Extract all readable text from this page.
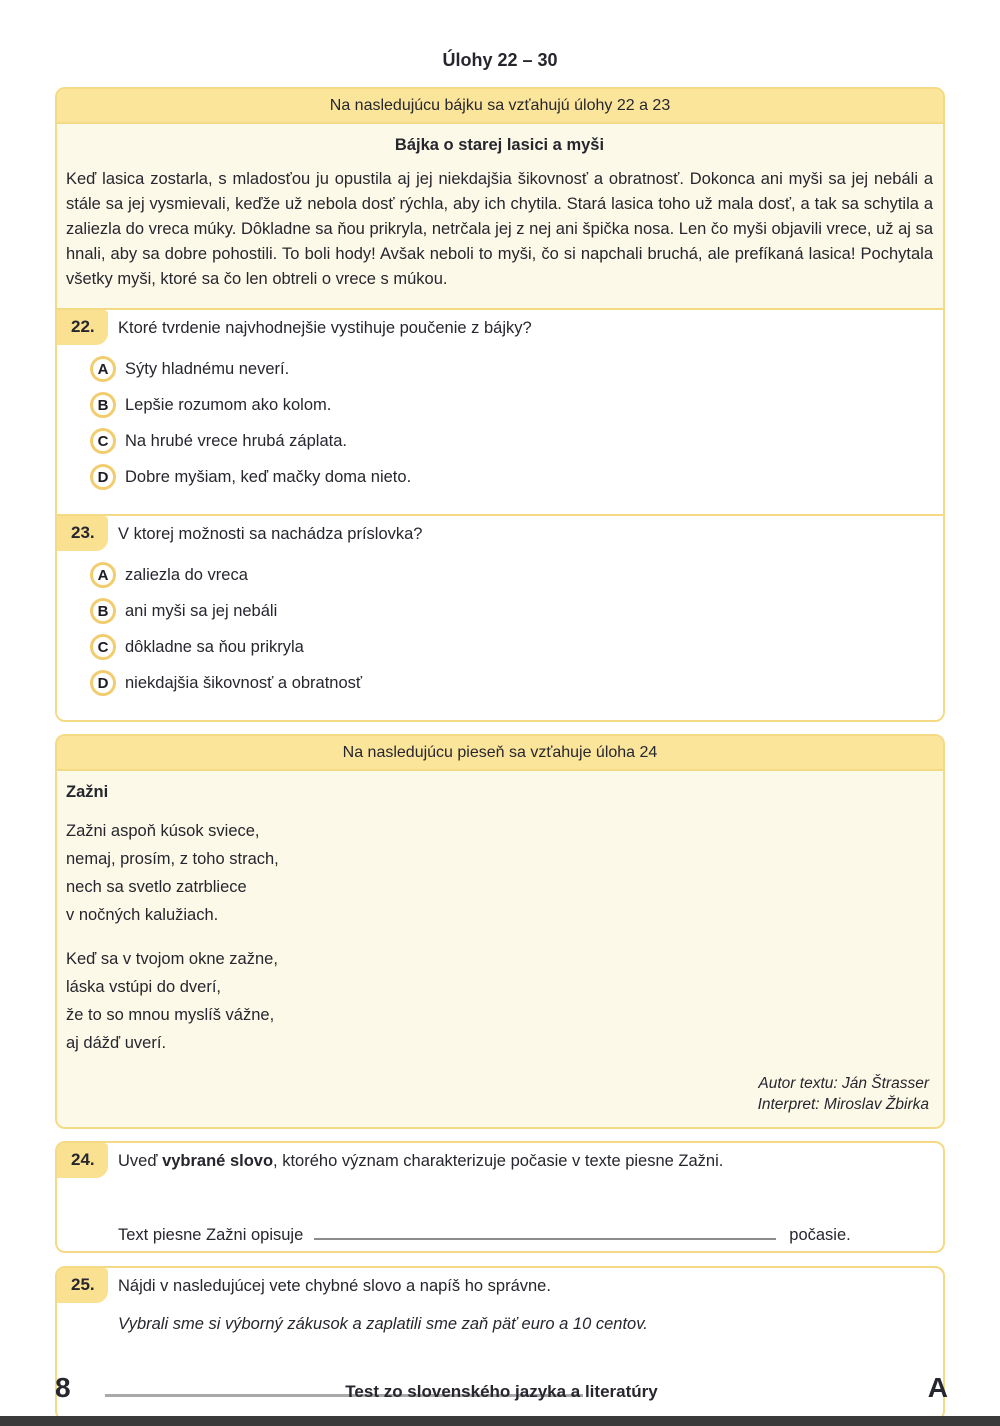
Úlohy 22 – 30
Na nasledujúcu bájku sa vzťahujú úlohy 22 a 23
Bájka o starej lasici a myši

Keď lasica zostarla, s mladosťou ju opustila aj jej niekdajšia šikovnosť a obratnosť. Dokonca ani myši sa jej nebáli a stále sa jej vysmievali, keďže už nebola dosť rýchla, aby ich chytila. Stará lasica toho už mala dosť, a tak sa schytila a zaliezla do vreca múky. Dôkladne sa ňou prikryla, netrčala jej z nej ani špička nosa. Len čo myši objavili vrece, už aj sa hnali, aby sa dobre pohostili. To boli hody! Avšak neboli to myši, čo si napchali bruchá, ale prefíkaná lasica! Pochytala všetky myši, ktoré sa čo len obtreli o vrece s múkou.

22.	Ktoré tvrdenie najvhodnejšie vystihuje poučenie z bájky?
A	Sýty hladnému neverí.
B	Lepšie rozumom ako kolom.
C	Na hrubé vrece hrubá záplata.
D	Dobre myšiam, keď mačky doma nieto.
23.	V ktorej možnosti sa nachádza príslovka?
A	zaliezla do vreca
B	ani myši sa jej nebáli
C	dôkladne sa ňou prikryla
D	niekdajšia šikovnosť a obratnosť
Na nasledujúcu pieseň sa vzťahuje úloha 24
Zažni
Zažni aspoň kúsok sviece,
nemaj, prosím, z toho strach,
nech sa svetlo zatrbliece
v nočných kalužiach.
Keď sa v tvojom okne zažne,
láska vstúpi do dverí,
že to so mnou myslíš vážne,
aj dážď uverí.
Autor textu: Ján Štrasser
Interpret: Miroslav Žbirka
24.	Uveď vybrané slovo, ktorého význam charakterizuje počasie v texte piesne Zažni.
Text piesne Zažni opisuje	počasie.
25.	Nájdi v nasledujúcej vete chybné slovo a napíš ho správne.
Vybrali sme si výborný zákusok a zaplatili sme zaň päť euro a 10 centov.
8	Test zo slovenského jazyka a literatúry	A
